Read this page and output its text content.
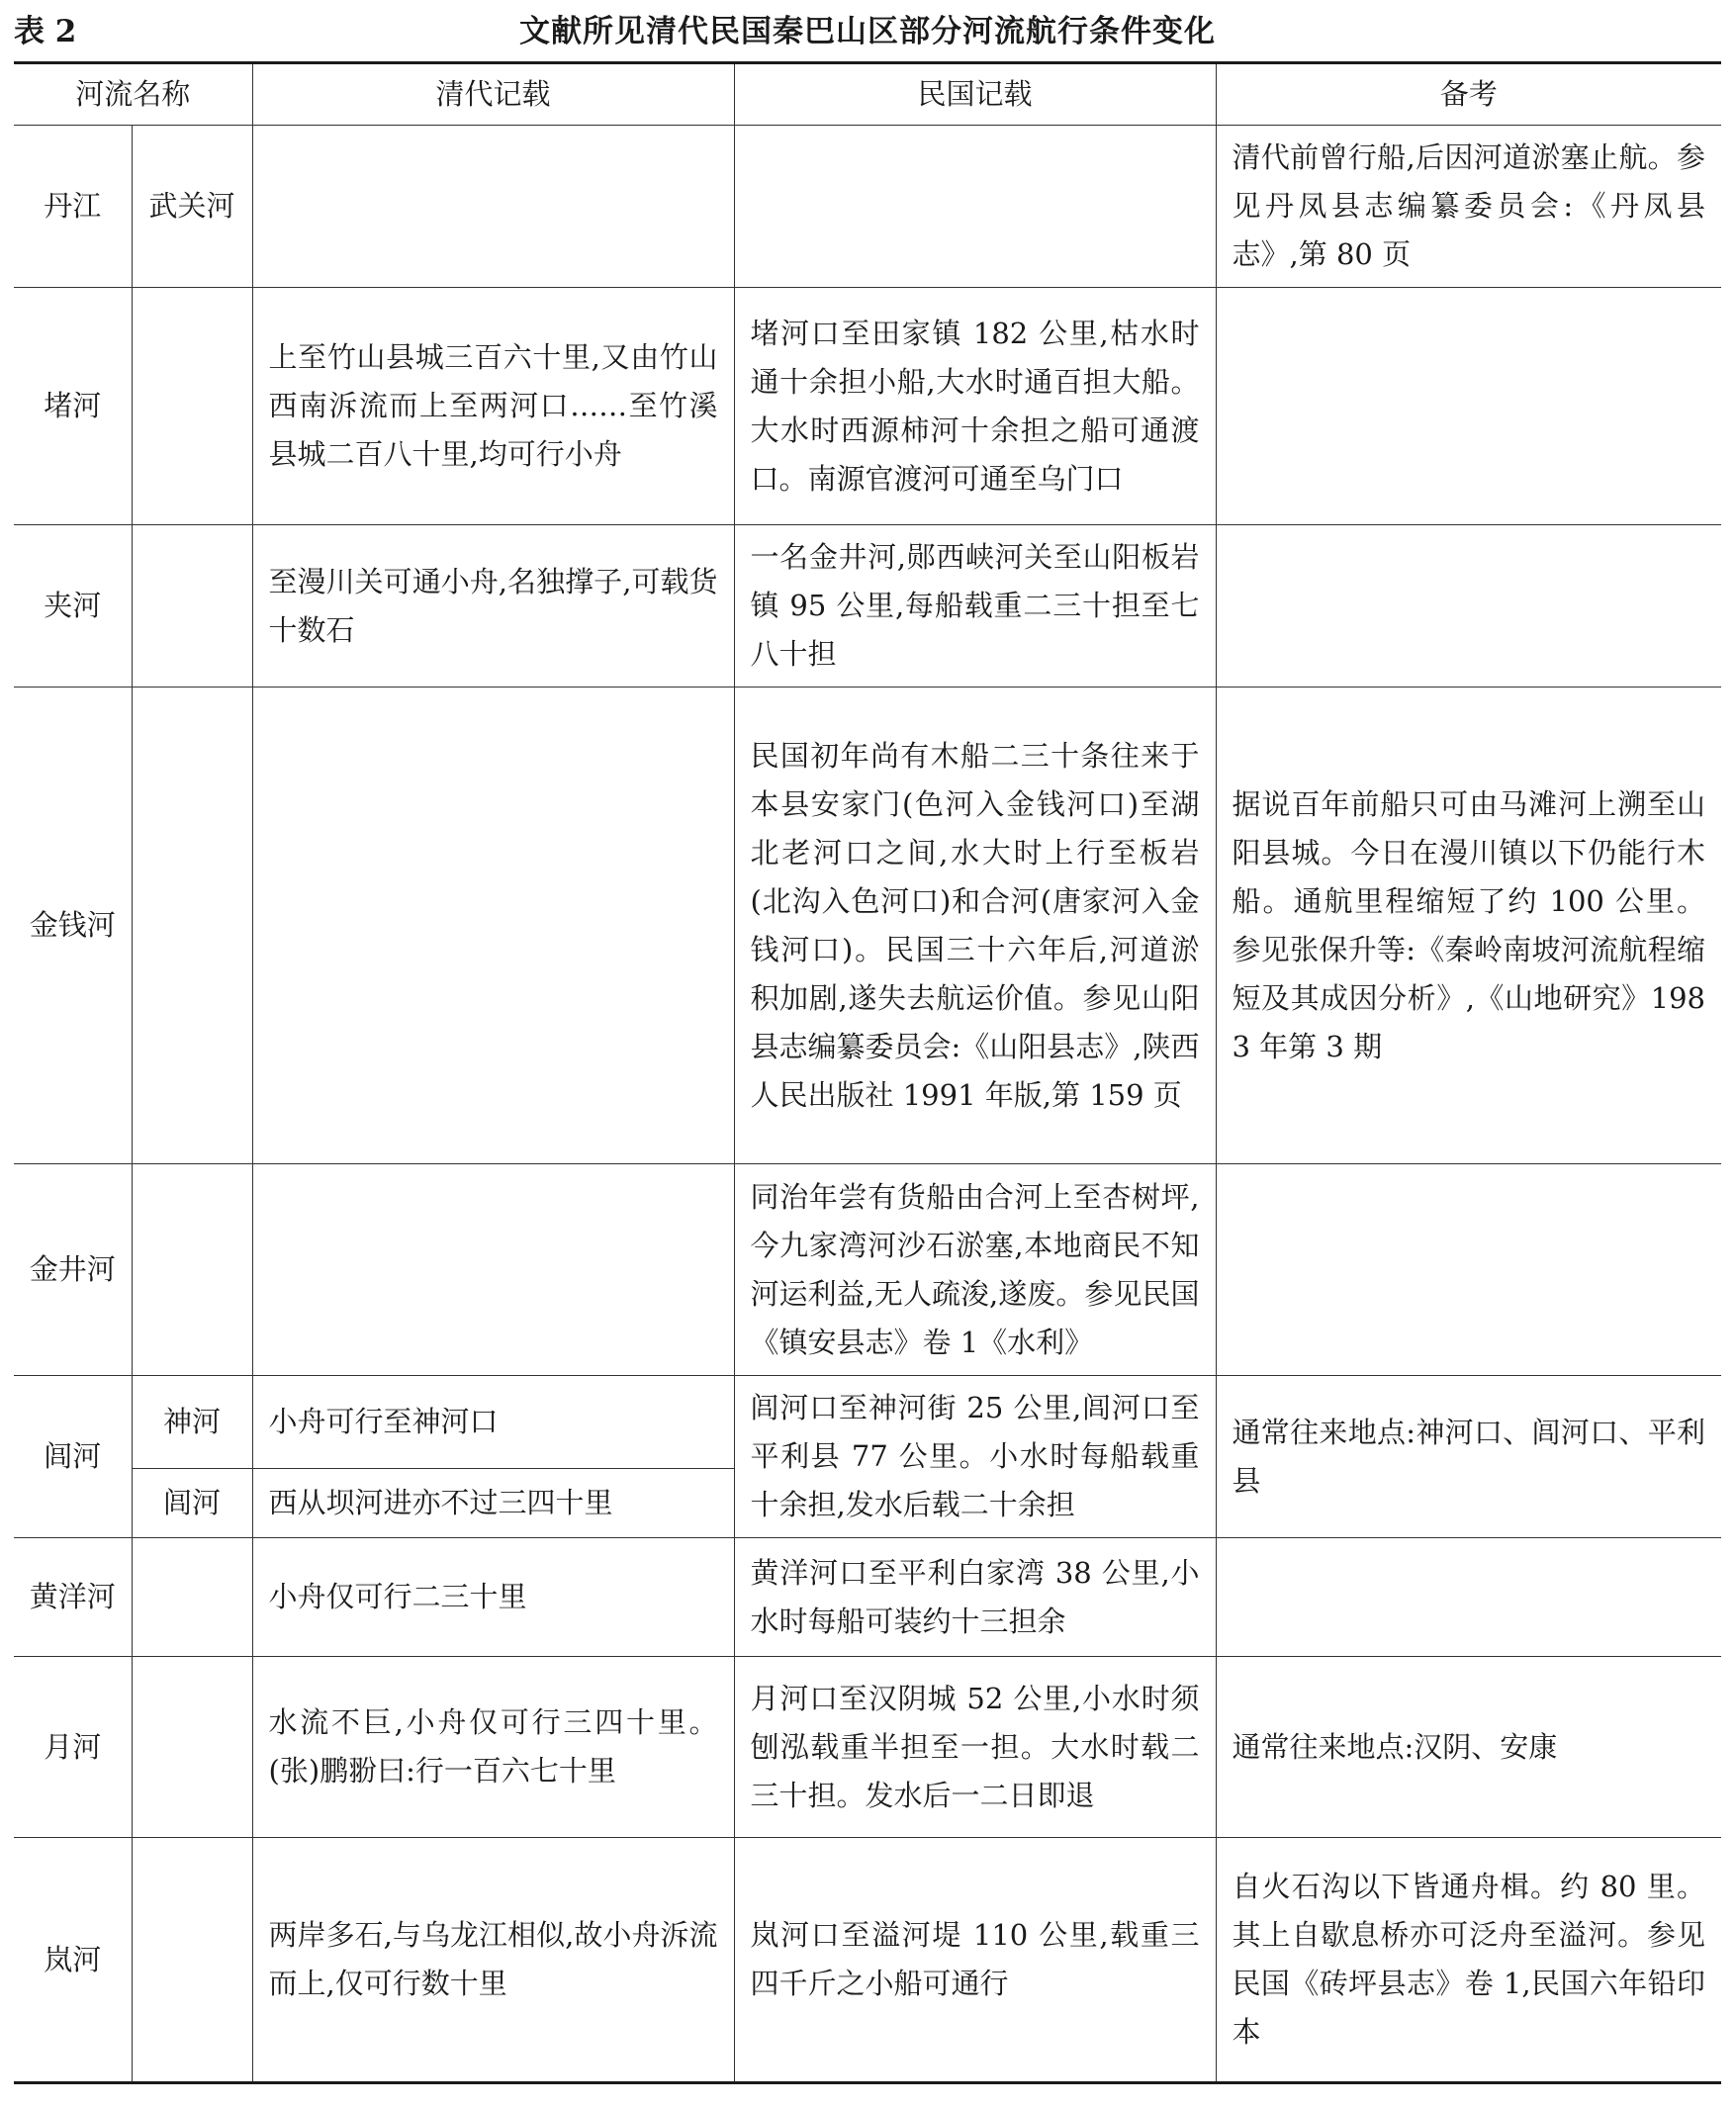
表 2	文献所见清代民国秦巴山区部分河流航行条件变化
河流名称		清代记载	民国记载	备考
丹江	武关河			清代前曾行船,后因河道淤塞止航。参见丹凤县志编纂委员会:《丹凤县志》,第 80 页
堵河		上至竹山县城三百六十里,又由竹山西南泝流而上至两河口……至竹溪县城二百八十里,均可行小舟	堵河口至田家镇 182 公里,枯水时通十余担小船,大水时通百担大船。大水时西源柿河十余担之船可通渡口。南源官渡河可通至乌门口	
夹河		至漫川关可通小舟,名独撑子,可载货十数石	一名金井河,郧西峡河关至山阳板岩镇 95 公里,每船载重二三十担至七八十担	
金钱河			民国初年尚有木船二三十条往来于本县安家门(色河入金钱河口)至湖北老河口之间,水大时上行至板岩(北沟入色河口)和合河(唐家河入金钱河口)。民国三十六年后,河道淤积加剧,遂失去航运价值。参见山阳县志编纂委员会:《山阳县志》,陕西人民出版社 1991 年版,第 159 页	据说百年前船只可由马滩河上溯至山阳县城。今日在漫川镇以下仍能行木船。通航里程缩短了约 100 公里。参见张保升等:《秦岭南坡河流航程缩短及其成因分析》,《山地研究》1983 年第 3 期
金井河			同治年尝有货船由合河上至杏树坪,今九家湾河沙石淤塞,本地商民不知河运利益,无人疏浚,遂废。参见民国《镇安县志》卷 1《水利》	
闾河	神河	小舟可行至神河口	闾河口至神河街 25 公里,闾河口至平利县 77 公里。小水时每船载重十余担,发水后载二十余担	通常往来地点:神河口、闾河口、平利县
	闾河	西从坝河进亦不过三四十里		
黄洋河		小舟仅可行二三十里	黄洋河口至平利白家湾 38 公里,小水时每船可装约十三担余	
月河		水流不巨,小舟仅可行三四十里。(张)鹏翂曰:行一百六七十里	月河口至汉阴城 52 公里,小水时须刨泓载重半担至一担。大水时载二三十担。发水后一二日即退	通常往来地点:汉阴、安康
岚河		两岸多石,与乌龙江相似,故小舟泝流而上,仅可行数十里	岚河口至溢河堤 110 公里,载重三四千斤之小船可通行	自火石沟以下皆通舟楫。约 80 里。其上自歇息桥亦可泛舟至溢河。参见民国《砖坪县志》卷 1,民国六年铅印本
